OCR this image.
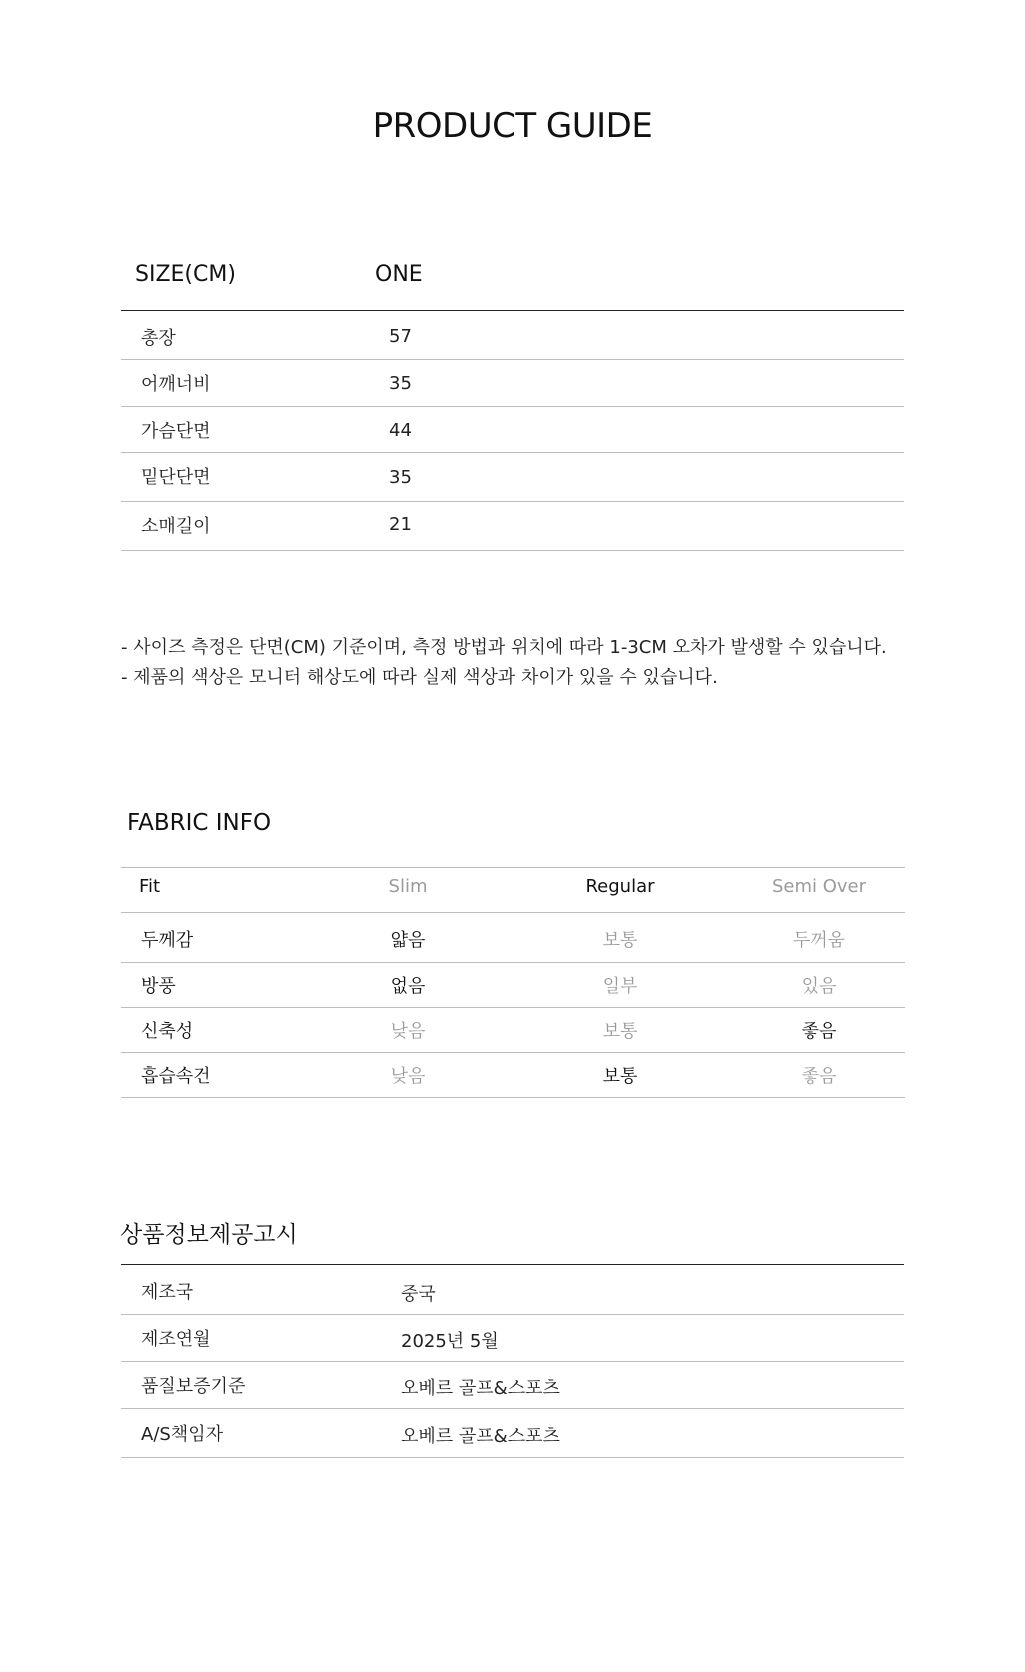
PRODUCT GUIDE
SIZE(CM)	ONE
총장	57
어깨너비	35
가슴단면	44
밑단단면	35
소매길이	21
- 사이즈 측정은 단면(CM) 기준이며, 측정 방법과 위치에 따라 1-3CM 오차가 발생할 수 있습니다.
- 제품의 색상은 모니터 해상도에 따라 실제 색상과 차이가 있을 수 있습니다.
FABRIC INFO
Fit	Slim	Regular	Semi Over
두께감	얇음	보통	두꺼움
방풍	없음	일부	있음
신축성	낮음	보통	좋음
흡습속건	낮음	보통	좋음
상품정보제공고시
제조국	중국
제조연월	2025년 5월
품질보증기준	오베르 골프&스포츠
A/S책임자	오베르 골프&스포츠
